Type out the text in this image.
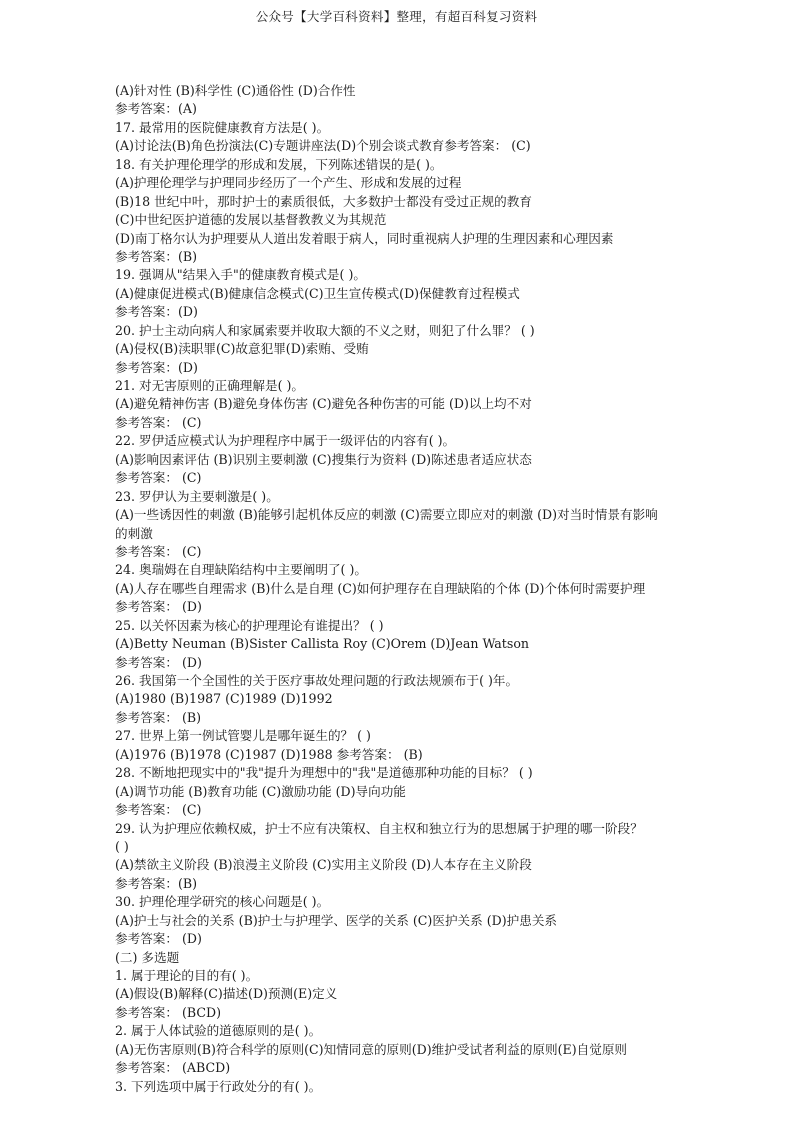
公众号【大学百科资料】整理，有超百科复习资料
(A)针对性 (B)科学性 (C)通俗性 (D)合作性
参考答案：(A)
17. 最常用的医院健康教育方法是( )。
(A)讨论法(B)角色扮演法(C)专题讲座法(D)个别会谈式教育参考答案： (C)
18. 有关护理伦理学的形成和发展，下列陈述错误的是( )。
(A)护理伦理学与护理同步经历了一个产生、形成和发展的过程
(B)18 世纪中叶，那时护士的素质很低，大多数护士都没有受过正规的教育
(C)中世纪医护道德的发展以基督教教义为其规范
(D)南丁格尔认为护理要从人道出发着眼于病人，同时重视病人护理的生理因素和心理因素
参考答案：(B)
19. 强调从"结果入手"的健康教育模式是( )。
(A)健康促进模式(B)健康信念模式(C)卫生宣传模式(D)保健教育过程模式
参考答案：(D)
20. 护士主动向病人和家属索要并收取大额的不义之财，则犯了什么罪？ ( )
(A)侵权(B)渎职罪(C)故意犯罪(D)索贿、受贿
参考答案：(D)
21. 对无害原则的正确理解是( )。
(A)避免精神伤害 (B)避免身体伤害 (C)避免各种伤害的可能 (D)以上均不对
参考答案： (C)
22. 罗伊适应模式认为护理程序中属于一级评估的内容有( )。
(A)影响因素评估 (B)识别主要刺激 (C)搜集行为资料 (D)陈述患者适应状态
参考答案： (C)
23. 罗伊认为主要刺激是( )。
(A)一些诱因性的刺激 (B)能够引起机体反应的刺激 (C)需要立即应对的刺激 (D)对当时情景有影响
的刺激
参考答案： (C)
24. 奥瑞姆在自理缺陷结构中主要阐明了( )。
(A)人存在哪些自理需求 (B)什么是自理 (C)如何护理存在自理缺陷的个体 (D)个体何时需要护理
参考答案： (D)
25. 以关怀因素为核心的护理理论有谁提出？ ( )
(A)Betty Neuman (B)Sister Callista Roy (C)Orem (D)Jean Watson
参考答案： (D)
26. 我国第一个全国性的关于医疗事故处理问题的行政法规颁布于( )年。
(A)1980 (B)1987 (C)1989 (D)1992
参考答案： (B)
27. 世界上第一例试管婴儿是哪年诞生的？ ( )
(A)1976 (B)1978 (C)1987 (D)1988 参考答案： (B)
28. 不断地把现实中的"我"提升为理想中的"我"是道德那种功能的目标？ ( )
(A)调节功能 (B)教育功能 (C)激励功能 (D)导向功能
参考答案： (C)
29. 认为护理应依赖权威，护士不应有决策权、自主权和独立行为的思想属于护理的哪一阶段？
( )
(A)禁欲主义阶段 (B)浪漫主义阶段 (C)实用主义阶段 (D)人本存在主义阶段
参考答案：(B)
30. 护理伦理学研究的核心问题是( )。
(A)护士与社会的关系 (B)护士与护理学、医学的关系 (C)医护关系 (D)护患关系
参考答案： (D)
(二) 多选题
1. 属于理论的目的有( )。
(A)假设(B)解释(C)描述(D)预测(E)定义
参考答案： (BCD)
2. 属于人体试验的道德原则的是( )。
(A)无伤害原则(B)符合科学的原则(C)知情同意的原则(D)维护受试者利益的原则(E)自觉原则
参考答案： (ABCD)
3. 下列选项中属于行政处分的有( )。
